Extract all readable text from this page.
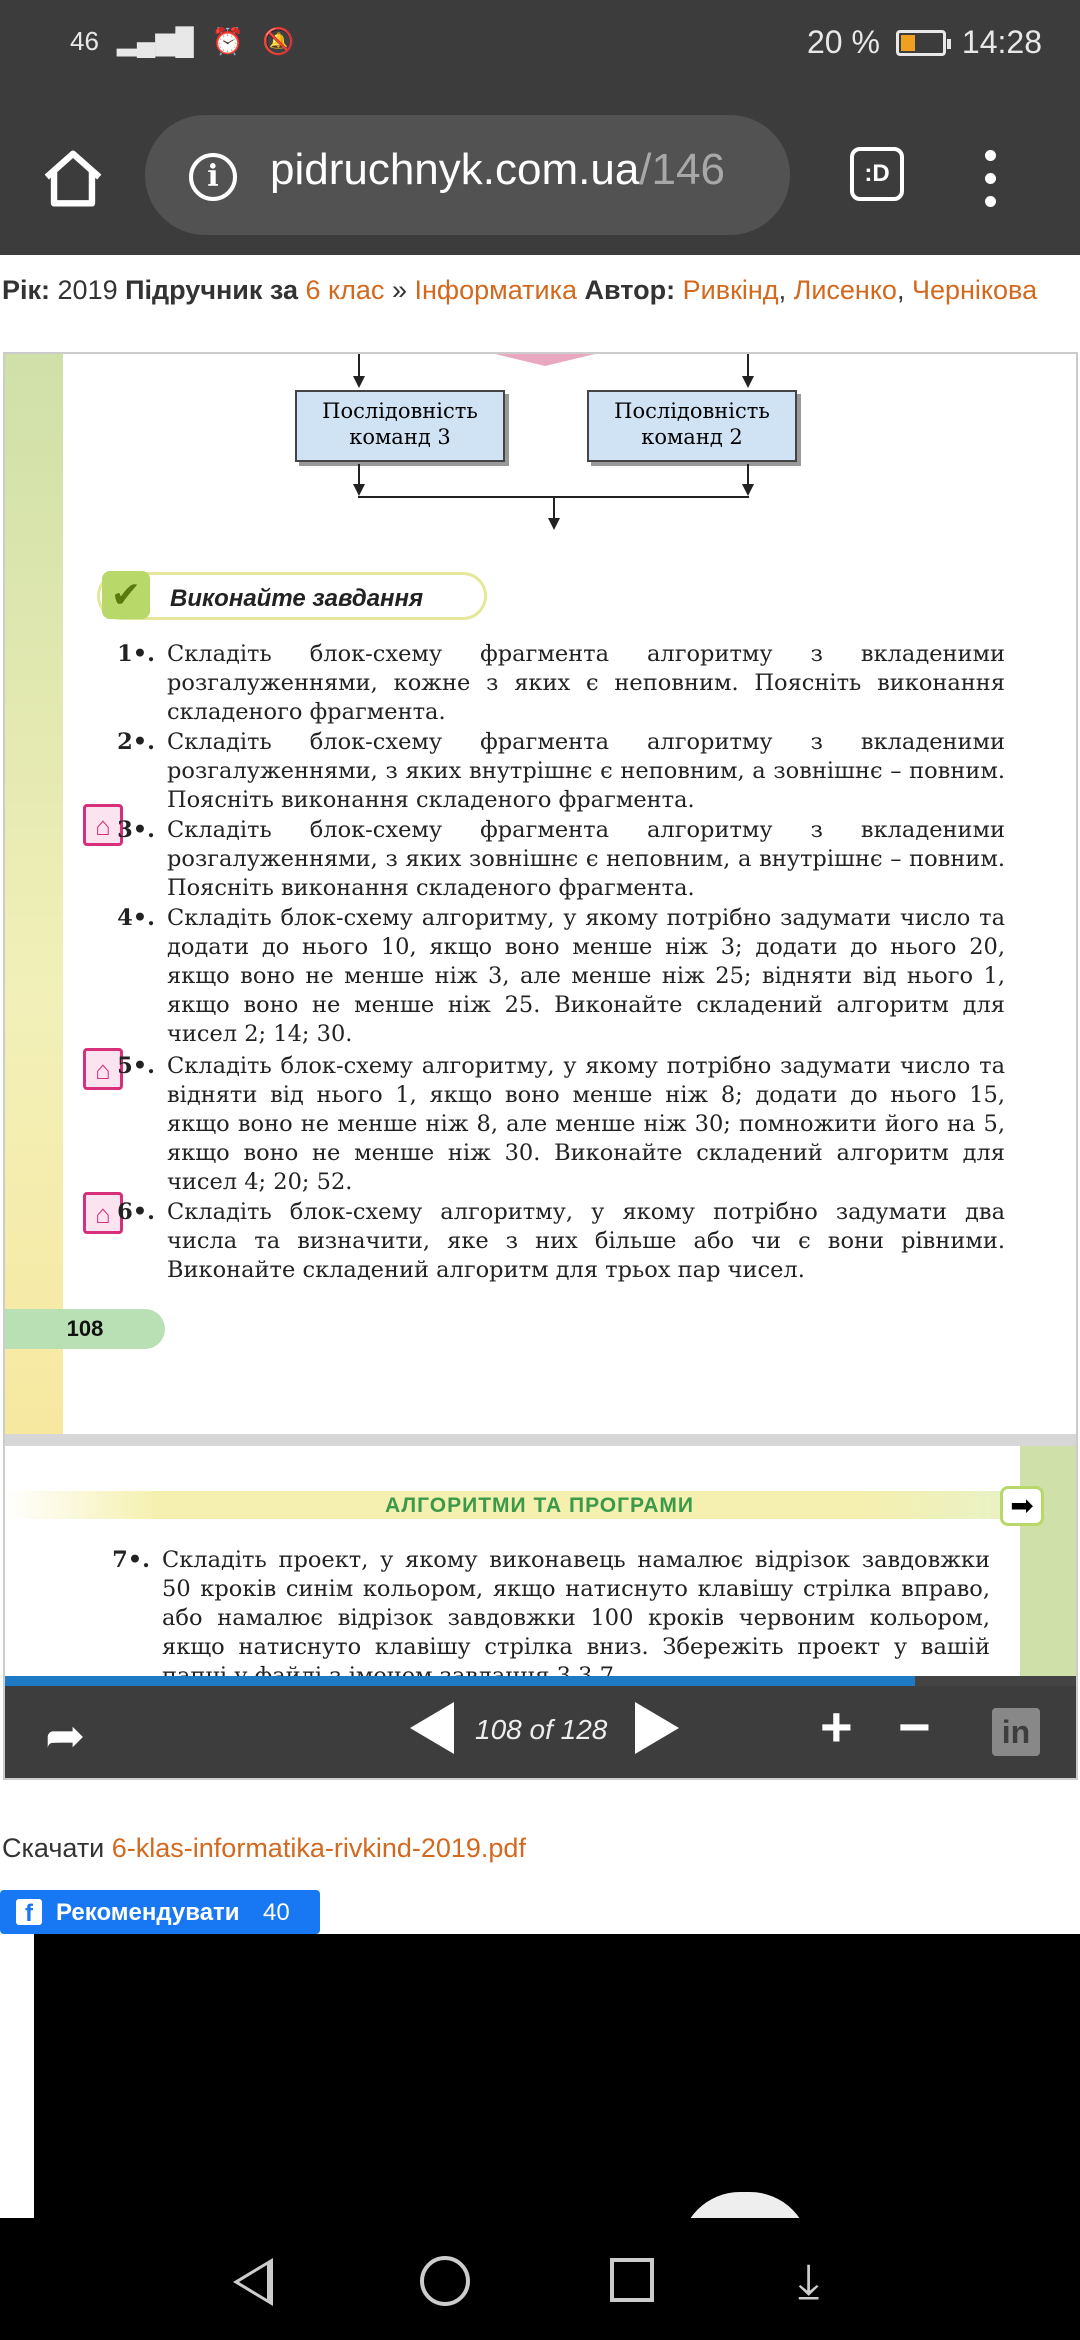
46 ▂▄▆█ ⏰ 🔕	20 %	14:28
i	pidruchnyk.com.ua/146	:D
Рік: 2019 Підручник за 6 клас » Інформатика Автор: Ривкінд, Лисенко, Чернікова
Послідовність команд 3
Послідовність команд 2
✔	Виконайте завдання
1•. Складіть блок-схему фрагмента алгоритму з вкладеними розгалуженнями, кожне з яких є неповним. Поясніть виконання складеного фрагмента.
2•. Складіть блок-схему фрагмента алгоритму з вкладеними розгалуженнями, з яких внутрішнє є неповним, а зовнішнє – повним. Поясніть виконання складеного фрагмента.
⌂ 3•. Складіть блок-схему фрагмента алгоритму з вкладеними розгалуженнями, з яких зовнішнє є неповним, а внутрішнє – повним. Поясніть виконання складеного фрагмента.
4•. Складіть блок-схему алгоритму, у якому потрібно задумати число та додати до нього 10, якщо воно менше ніж 3; додати до нього 20, якщо воно не менше ніж 3, але менше ніж 25; відняти від нього 1, якщо воно не менше ніж 25. Виконайте складений алгоритм для чисел 2; 14; 30.
⌂ 5•. Складіть блок-схему алгоритму, у якому потрібно задумати число та відняти від нього 1, якщо воно менше ніж 8; додати до нього 15, якщо воно не менше ніж 8, але менше ніж 30; помножити його на 5, якщо воно не менше ніж 30. Виконайте складений алгоритм для чисел 4; 20; 52.
⌂ 6•. Складіть блок-схему алгоритму, у якому потрібно задумати два числа та визначити, яке з них більше або чи є вони рівними. Виконайте складений алгоритм для трьох пар чисел.
108
АЛГОРИТМИ ТА ПРОГРАМИ	➡
7•. Складіть проект, у якому виконавець намалює відрізок завдовжки 50 кроків синім кольором, якщо натиснуто клавішу стрілка вправо, або намалює відрізок завдовжки 100 кроків червоним кольором, якщо натиснуто клавішу стрілка вниз. Збережіть проект у вашій
➦	108 of 128	+ −	in
Скачати 6-klas-informatika-rivkind-2019.pdf
f Рекомендувати 40
⤓
